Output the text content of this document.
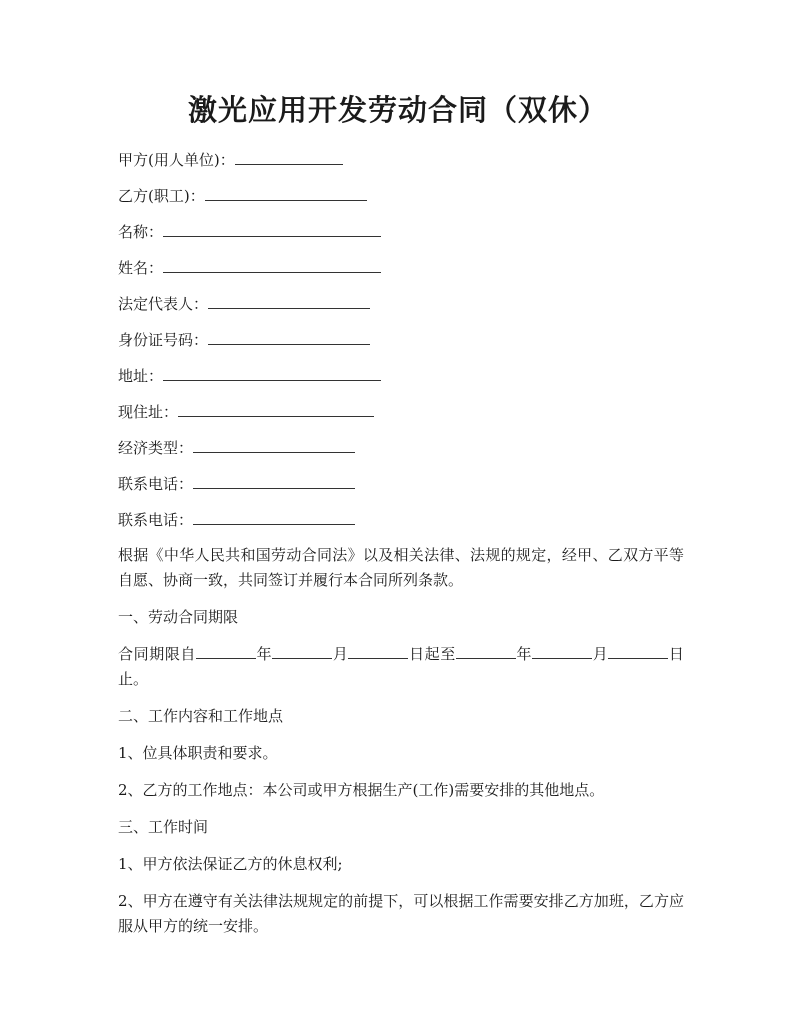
激光应用开发劳动合同（双休）
甲方(用人单位)：
乙方(职工)：
名称：
姓名：
法定代表人：
身份证号码：
地址：
现住址：
经济类型：
联系电话：
联系电话：
根据《中华人民共和国劳动合同法》以及相关法律、法规的规定，经甲、乙双方平等自愿、协商一致，共同签订并履行本合同所列条款。
一、劳动合同期限
合同期限自	年	月	日起至	年	月	日止。
二、工作内容和工作地点
1、位具体职责和要求。
2、乙方的工作地点：本公司或甲方根据生产(工作)需要安排的其他地点。
三、工作时间
1、甲方依法保证乙方的休息权利;
2、甲方在遵守有关法律法规规定的前提下，可以根据工作需要安排乙方加班，乙方应服从甲方的统一安排。
